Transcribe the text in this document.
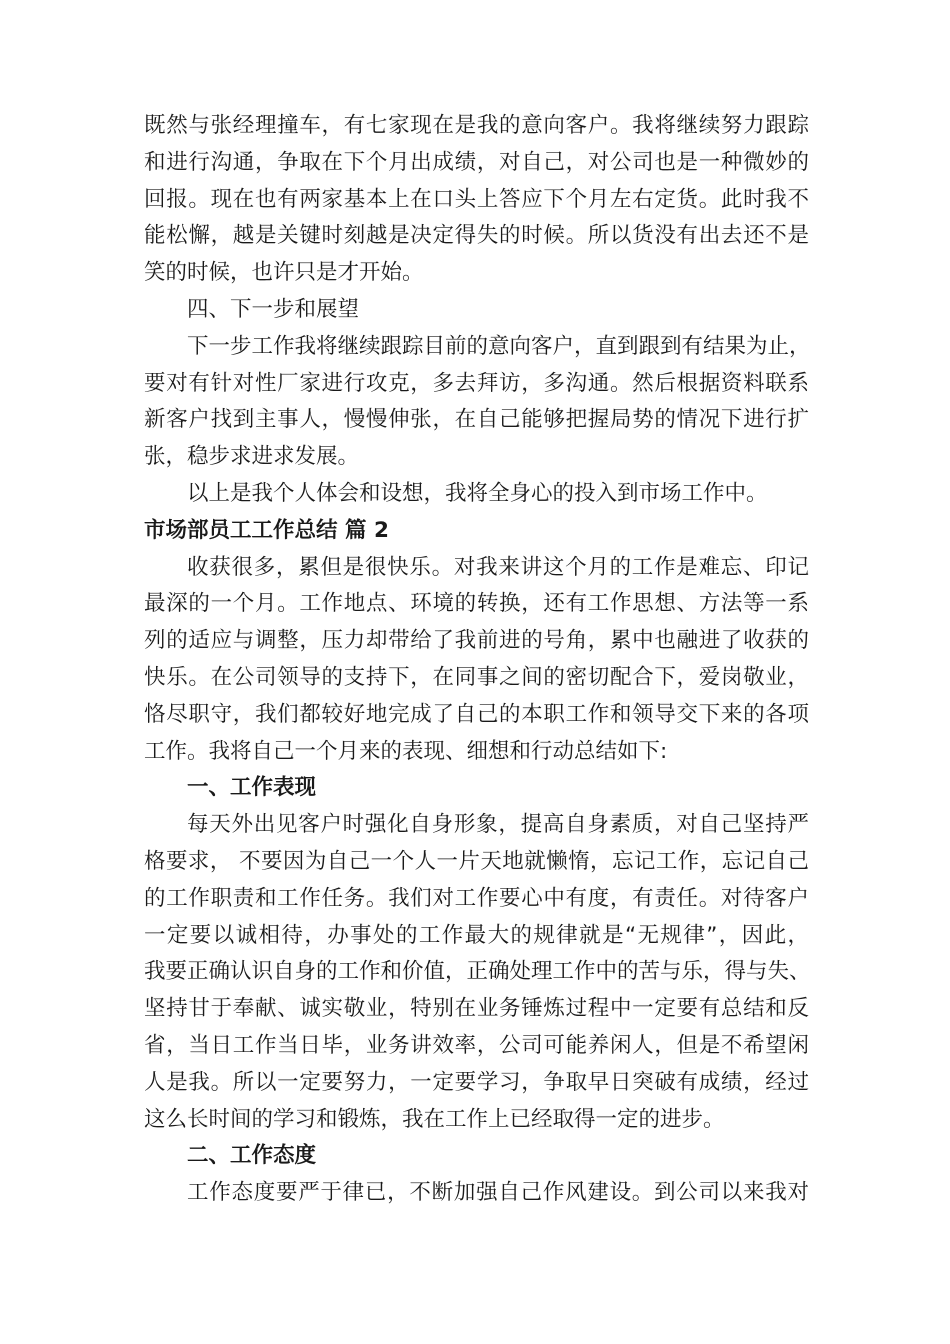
既然与张经理撞车，有七家现在是我的意向客户。我将继续努力跟踪
和进行沟通，争取在下个月出成绩，对自己，对公司也是一种微妙的
回报。现在也有两家基本上在口头上答应下个月左右定货。此时我不
能松懈，越是关键时刻越是决定得失的时候。所以货没有出去还不是
笑的时候，也许只是才开始。
四、下一步和展望
下一步工作我将继续跟踪目前的意向客户，直到跟到有结果为止，
要对有针对性厂家进行攻克，多去拜访，多沟通。然后根据资料联系
新客户找到主事人，慢慢伸张，在自己能够把握局势的情况下进行扩
张，稳步求进求发展。
以上是我个人体会和设想，我将全身心的投入到市场工作中。
市场部员工工作总结 篇 2
收获很多，累但是很快乐。对我来讲这个月的工作是难忘、印记
最深的一个月。工作地点、环境的转换，还有工作思想、方法等一系
列的适应与调整，压力却带给了我前进的号角，累中也融进了收获的
快乐。在公司领导的支持下，在同事之间的密切配合下，爱岗敬业，
恪尽职守，我们都较好地完成了自己的本职工作和领导交下来的各项
工作。我将自己一个月来的表现、细想和行动总结如下:
一、工作表现
每天外出见客户时强化自身形象，提高自身素质，对自己坚持严
格要求， 不要因为自己一个人一片天地就懒惰，忘记工作，忘记自己
的工作职责和工作任务。我们对工作要心中有度，有责任。对待客户
一定要以诚相待，办事处的工作最大的规律就是“无规律”，因此，
我要正确认识自身的工作和价值，正确处理工作中的苦与乐，得与失、
坚持甘于奉献、诚实敬业，特别在业务锤炼过程中一定要有总结和反
省，当日工作当日毕，业务讲效率，公司可能养闲人，但是不希望闲
人是我。所以一定要努力，一定要学习，争取早日突破有成绩，经过
这么长时间的学习和锻炼，我在工作上已经取得一定的进步。
二、工作态度
工作态度要严于律已，不断加强自己作风建设。到公司以来我对
